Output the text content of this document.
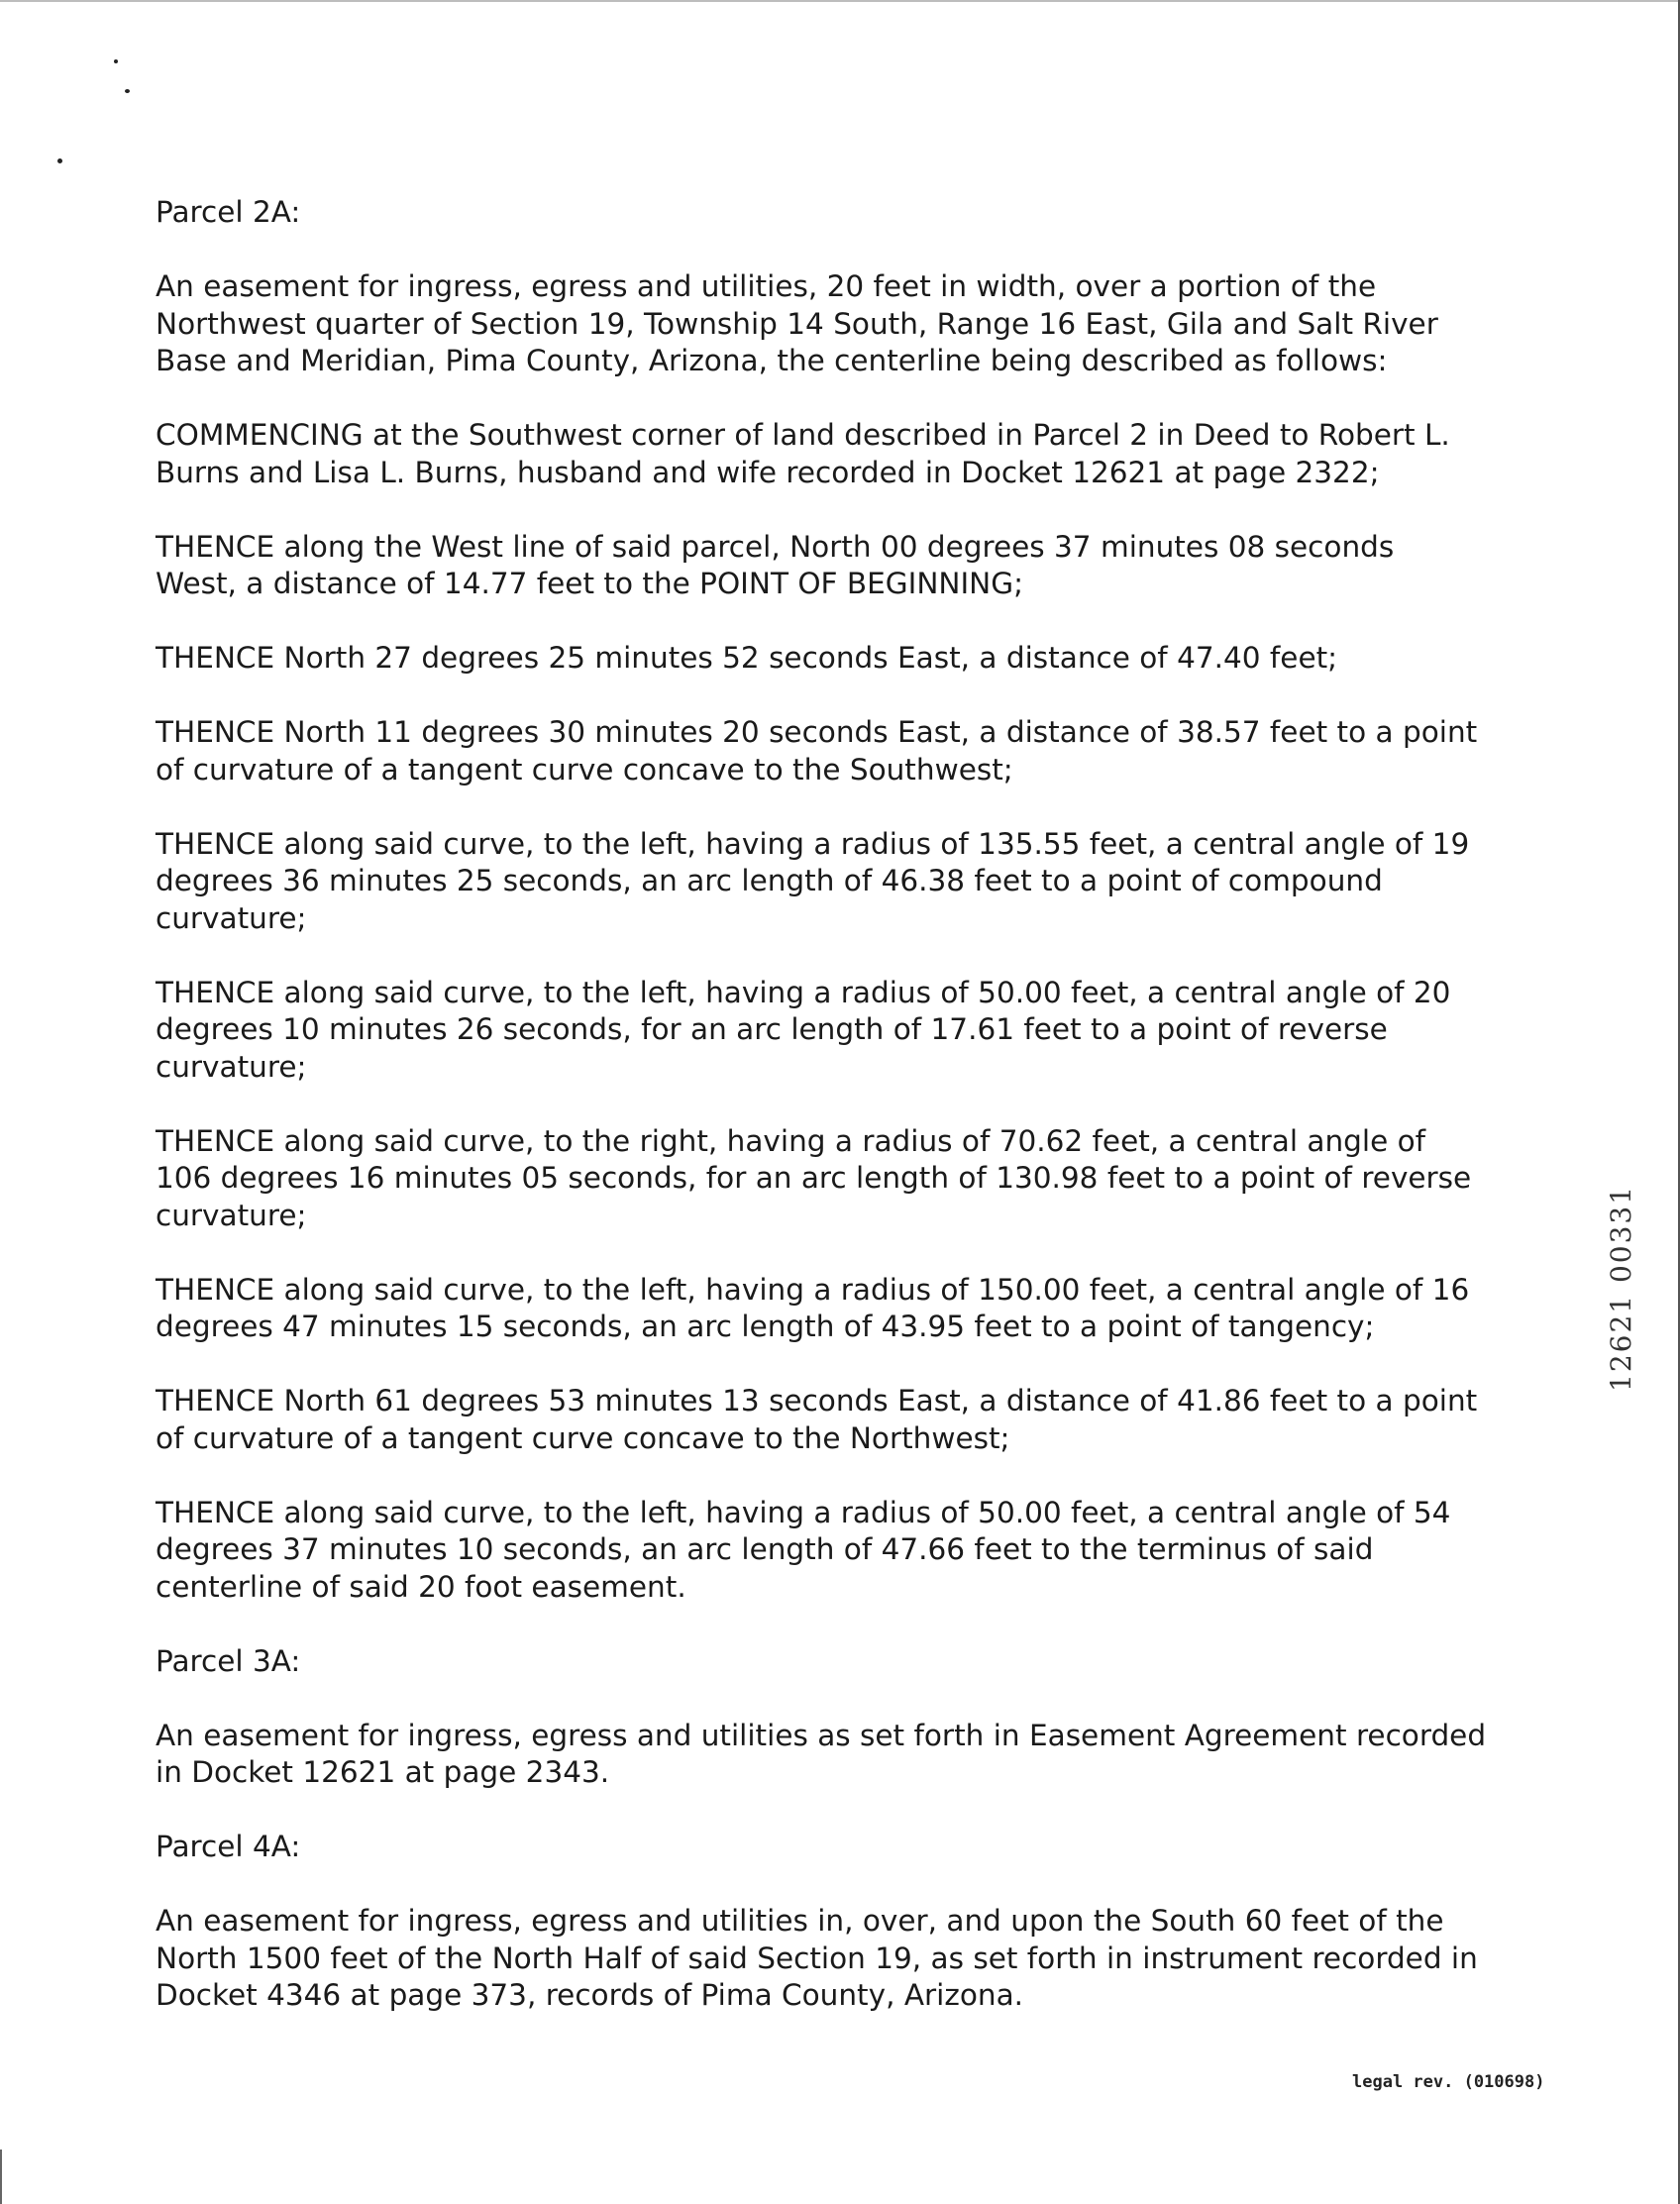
Parcel 2A:

An easement for ingress, egress and utilities, 20 feet in width, over a portion of the
Northwest quarter of Section 19, Township 14 South, Range 16 East, Gila and Salt River
Base and Meridian, Pima County, Arizona, the centerline being described as follows:

COMMENCING at the Southwest corner of land described in Parcel 2 in Deed to Robert L.
Burns and Lisa L. Burns, husband and wife recorded in Docket 12621 at page 2322;

THENCE along the West line of said parcel, North 00 degrees 37 minutes 08 seconds
West, a distance of 14.77 feet to the POINT OF BEGINNING;

THENCE North 27 degrees 25 minutes 52 seconds East, a distance of 47.40 feet;

THENCE North 11 degrees 30 minutes 20 seconds East, a distance of 38.57 feet to a point
of curvature of a tangent curve concave to the Southwest;

THENCE along said curve, to the left, having a radius of 135.55 feet, a central angle of 19
degrees 36 minutes 25 seconds, an arc length of 46.38 feet to a point of compound
curvature;

THENCE along said curve, to the left, having a radius of 50.00 feet, a central angle of 20
degrees 10 minutes 26 seconds, for an arc length of 17.61 feet to a point of reverse
curvature;

THENCE along said curve, to the right, having a radius of 70.62 feet, a central angle of
106 degrees 16 minutes 05 seconds, for an arc length of 130.98 feet to a point of reverse
curvature;

THENCE along said curve, to the left, having a radius of 150.00 feet, a central angle of 16
degrees 47 minutes 15 seconds, an arc length of 43.95 feet to a point of tangency;

THENCE North 61 degrees 53 minutes 13 seconds East, a distance of 41.86 feet to a point
of curvature of a tangent curve concave to the Northwest;

THENCE along said curve, to the left, having a radius of 50.00 feet, a central angle of 54
degrees 37 minutes 10 seconds, an arc length of 47.66 feet to the terminus of said
centerline of said 20 foot easement.

Parcel 3A:

An easement for ingress, egress and utilities as set forth in Easement Agreement recorded
in Docket 12621 at page 2343.

Parcel 4A:

An easement for ingress, egress and utilities in, over, and upon the South 60 feet of the
North 1500 feet of the North Half of said Section 19, as set forth in instrument recorded in
Docket 4346 at page 373, records of Pima County, Arizona.

12621 00331
legal rev. (010698)
